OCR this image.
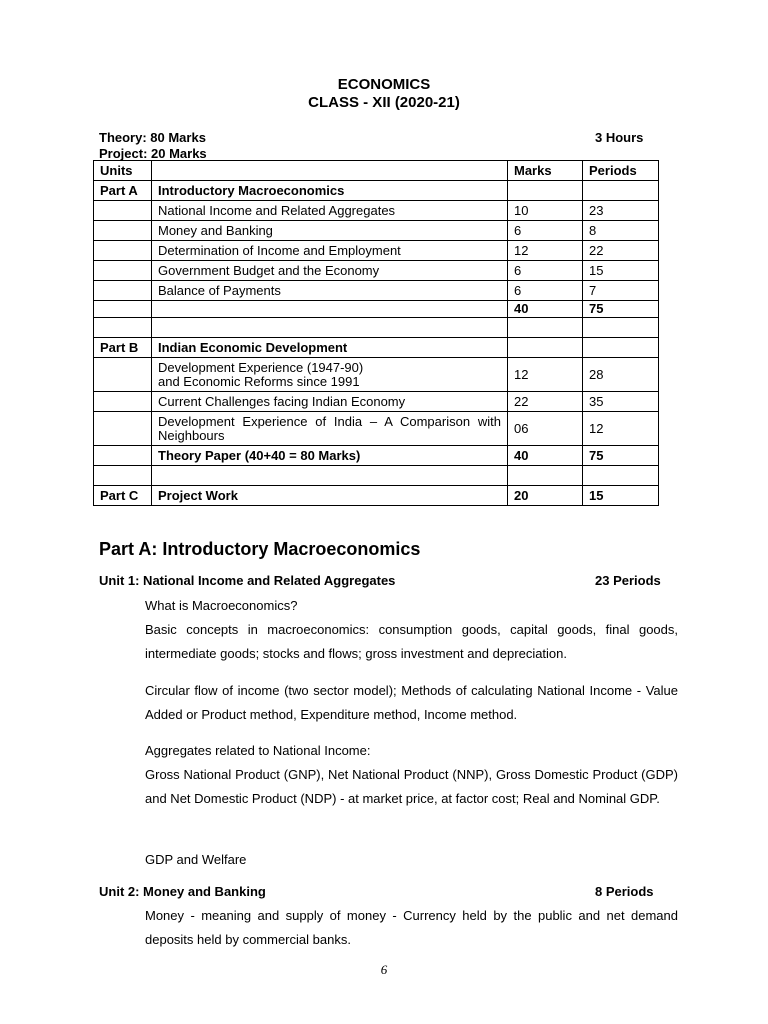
ECONOMICS
CLASS - XII (2020-21)
Theory: 80 Marks	3 Hours
Project: 20 Marks
Units		Marks	Periods
Part A	Introductory Macroeconomics		
	National Income and Related Aggregates	10	23
	Money and Banking	6	8
	Determination of Income and Employment	12	22
	Government Budget and the Economy	6	15
	Balance of Payments	6	7
		40	75

Part B	Indian Economic Development		
	Development Experience (1947-90)
and Economic Reforms since 1991	12	28
	Current Challenges facing Indian Economy	22	35
	Development Experience of India – A Comparison with Neighbours	06	12
	Theory Paper (40+40 = 80 Marks)	40	75

Part C	Project Work	20	15
Part A: Introductory Macroeconomics
Unit 1: National Income and Related Aggregates	23 Periods
What is Macroeconomics?
Basic concepts in macroeconomics: consumption goods, capital goods, final goods, intermediate goods; stocks and flows; gross investment and depreciation.
Circular flow of income (two sector model); Methods of calculating National Income - Value Added or Product method, Expenditure method, Income method.
Aggregates related to National Income:
Gross National Product (GNP), Net National Product (NNP), Gross Domestic Product (GDP) and Net Domestic Product (NDP) - at market price, at factor cost; Real and Nominal GDP.
GDP and Welfare
Unit 2: Money and Banking	8 Periods
Money - meaning and supply of money - Currency held by the public and net demand deposits held by commercial banks.
6
